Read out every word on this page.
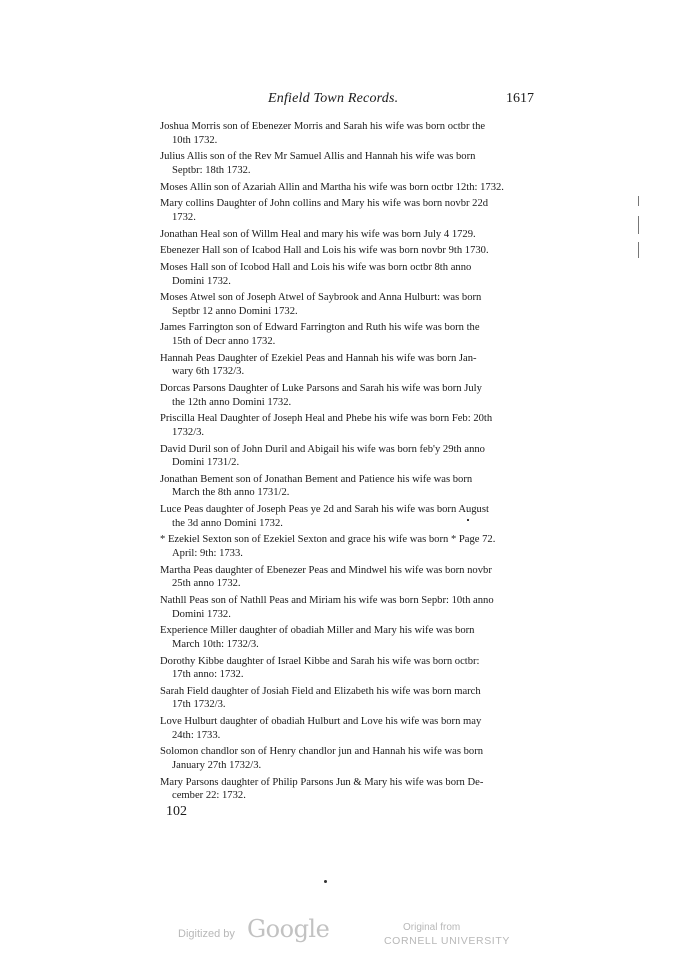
Enfield Town Records.	1617
Joshua Morris son of Ebenezer Morris and Sarah his wife was born octbr the
10th 1732.
Julius Allis son of the Rev Mr Samuel Allis and Hannah his wife was born
Septbr: 18th 1732.
Moses Allin son of Azariah Allin and Martha his wife was born octbr 12th: 1732.
Mary collins Daughter of John collins and Mary his wife was born novbr 22d
1732.
Jonathan Heal son of Willm Heal and mary his wife was born July 4 1729.
Ebenezer Hall son of Icabod Hall and Lois his wife was born novbr 9th 1730.
Moses Hall son of Icobod Hall and Lois his wife was born octbr 8th anno
Domini 1732.
Moses Atwel son of Joseph Atwel of Saybrook and Anna Hulburt: was born
Septbr 12 anno Domini 1732.
James Farrington son of Edward Farrington and Ruth his wife was born the
15th of Decr anno 1732.
Hannah Peas Daughter of Ezekiel Peas and Hannah his wife was born Jan-
wary 6th 1732/3.
Dorcas Parsons Daughter of Luke Parsons and Sarah his wife was born July
the 12th anno Domini 1732.
Priscilla Heal Daughter of Joseph Heal and Phebe his wife was born Feb: 20th
1732/3.
David Duril son of John Duril and Abigail his wife was born feb'y 29th anno
Domini 1731/2.
Jonathan Bement son of Jonathan Bement and Patience his wife was born
March the 8th anno 1731/2.
Luce Peas daughter of Joseph Peas ye 2d and Sarah his wife was born August
the 3d anno Domini 1732.
* Ezekiel Sexton son of Ezekiel Sexton and grace his wife was born * Page 72.
April: 9th: 1733.
Martha Peas daughter of Ebenezer Peas and Mindwel his wife was born novbr
25th anno 1732.
Nathll Peas son of Nathll Peas and Miriam his wife was born Sepbr: 10th anno
Domini 1732.
Experience Miller daughter of obadiah Miller and Mary his wife was born
March 10th: 1732/3.
Dorothy Kibbe daughter of Israel Kibbe and Sarah his wife was born octbr:
17th anno: 1732.
Sarah Field daughter of Josiah Field and Elizabeth his wife was born march
17th 1732/3.
Love Hulburt daughter of obadiah Hulburt and Love his wife was born may
24th: 1733.
Solomon chandlor son of Henry chandlor jun and Hannah his wife was born
January 27th 1732/3.
Mary Parsons daughter of Philip Parsons Jun & Mary his wife was born De-
cember 22: 1732.
102
Digitized by Google	Original from
CORNELL UNIVERSITY
